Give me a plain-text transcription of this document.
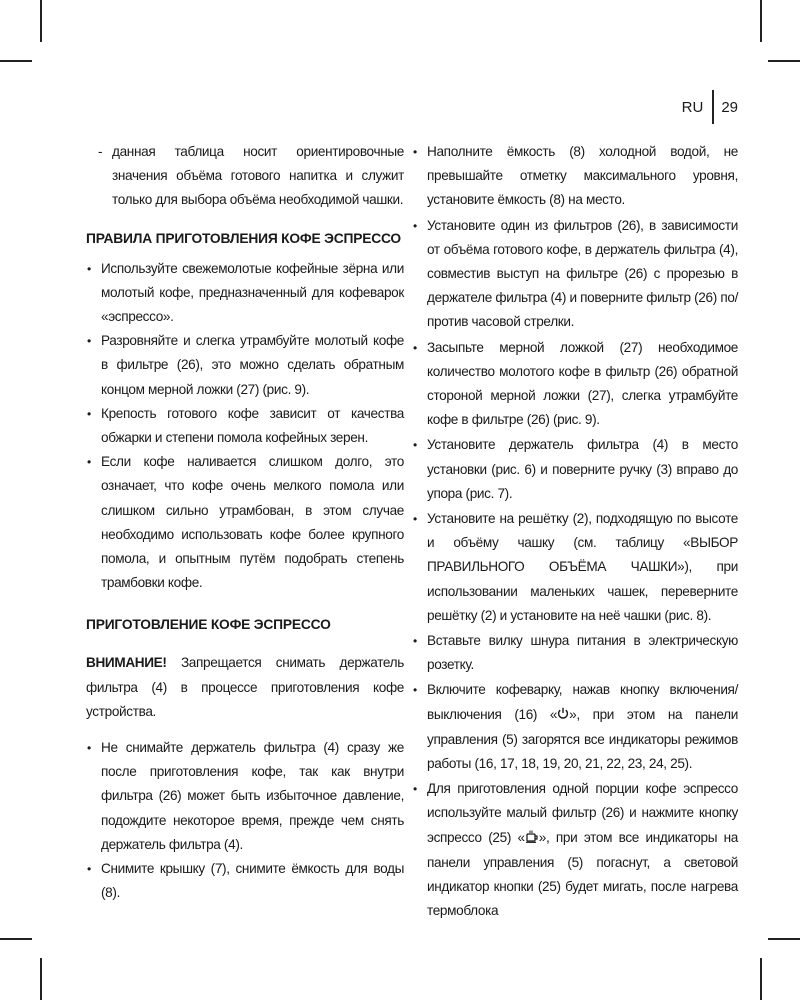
RU	29
- данная таблица носит ориентировочные значения объёма готового напитка и служит только для выбора объёма необходимой чашки.
ПРАВИЛА ПРИГОТОВЛЕНИЯ КОФЕ ЭСПРЕССО
• Используйте свежемолотые кофейные зёрна или молотый кофе, предназначенный для кофеварок «эспрессо».
• Разровняйте и слегка утрамбуйте молотый кофе в фильтре (26), это можно сделать обратным концом мерной ложки (27) (рис. 9).
• Крепость готового кофе зависит от качества обжарки и степени помола кофейных зерен.
• Если кофе наливается слишком долго, это означает, что кофе очень мелкого помола или слишком сильно утрамбован, в этом случае необходимо использовать кофе более крупного помола, и опытным путём подобрать степень трамбовки кофе.
ПРИГОТОВЛЕНИЕ КОФЕ ЭСПРЕССО

ВНИМАНИЕ! Запрещается снимать держатель фильтра (4) в процессе приготовления кофе устройства.

• Не снимайте держатель фильтра (4) сразу же после приготовления кофе, так как внутри фильтра (26) может быть избыточное давление, подождите некоторое время, прежде чем снять держатель фильтра (4).
• Снимите крышку (7), снимите ёмкость для воды (8).
• Наполните ёмкость (8) холодной водой, не превышайте отметку максимального уровня, установите ёмкость (8) на место.
• Установите один из фильтров (26), в зависимости от объёма готового кофе, в держатель фильтра (4), совместив выступ на фильтре (26) с прорезью в держателе фильтра (4) и поверните фильтр (26) по/против часовой стрелки.
• Засыпьте мерной ложкой (27) необходимое количество молотого кофе в фильтр (26) обратной стороной мерной ложки (27), слегка утрамбуйте кофе в фильтре (26) (рис. 9).
• Установите держатель фильтра (4) в место установки (рис. 6) и поверните ручку (3) вправо до упора (рис. 7).
• Установите на решётку (2), подходящую по высоте и объёму чашку (см. таблицу «ВЫБОР ПРАВИЛЬНОГО ОБЪЁМА ЧАШКИ»), при использовании маленьких чашек, переверните решётку (2) и установите на неё чашки (рис. 8).
• Вставьте вилку шнура питания в электрическую розетку.
• Включите кофеварку, нажав кнопку включения/выключения (16) « », при этом на панели управления (5) загорятся все индикаторы режимов работы (16, 17, 18, 19, 20, 21, 22, 23, 24, 25).
• Для приготовления одной порции кофе эспрессо используйте малый фильтр (26) и нажмите кнопку эспрессо (25) « », при этом все индикаторы на панели управления (5) погаснут, а световой индикатор кнопки (25) будет мигать, после нагрева термоблока
